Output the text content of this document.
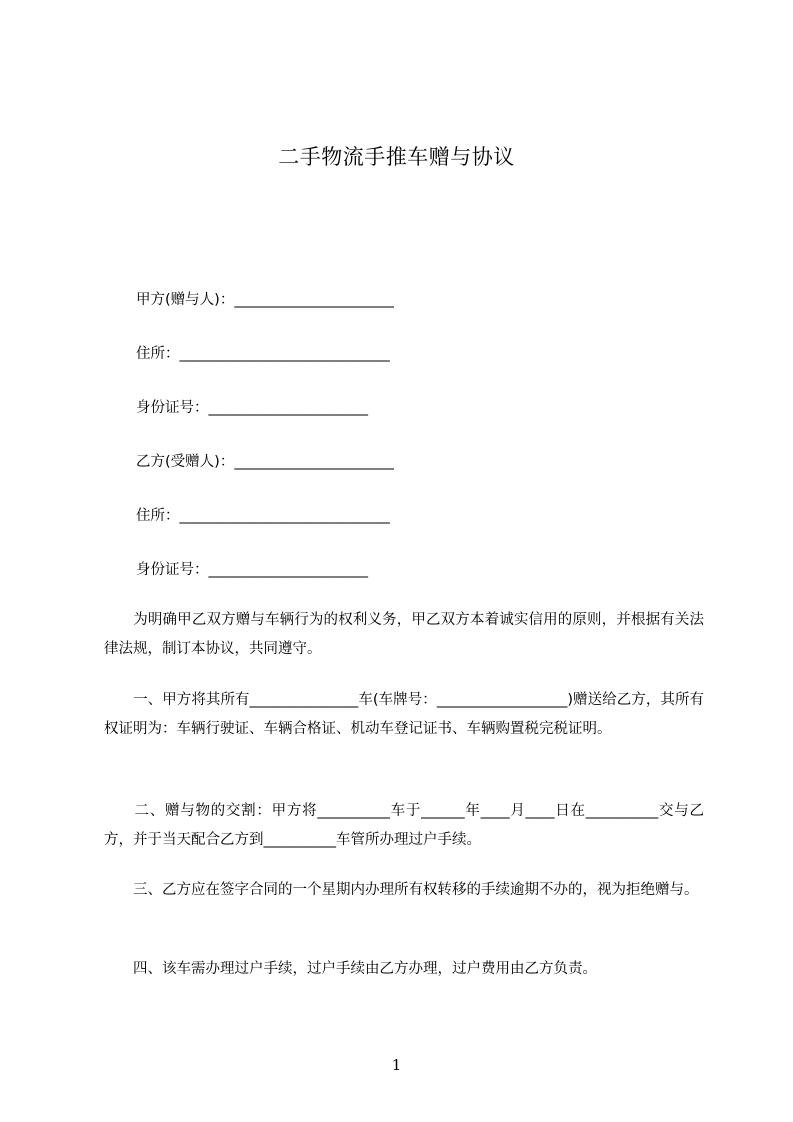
二手物流手推车赠与协议
甲方(赠与人)：______________________
住所：_____________________________
身份证号：______________________
乙方(受赠人)：______________________
住所：_____________________________
身份证号：______________________
　　为明确甲乙双方赠与车辆行为的权利义务，甲乙双方本着诚实信用的原则，并根据有关法律法规，制订本协议，共同遵守。
　　一、甲方将其所有_______________车(车牌号：__________________)赠送给乙方，其所有权证明为：车辆行驶证、车辆合格证、机动车登记证书、车辆购置税完税证明。
　　二、赠与物的交割：甲方将__________车于______年____月____日在__________交与乙方，并于当天配合乙方到__________车管所办理过户手续。
　　三、乙方应在签字合同的一个星期内办理所有权转移的手续逾期不办的，视为拒绝赠与。
　　四、该车需办理过户手续，过户手续由乙方办理，过户费用由乙方负责。
1
